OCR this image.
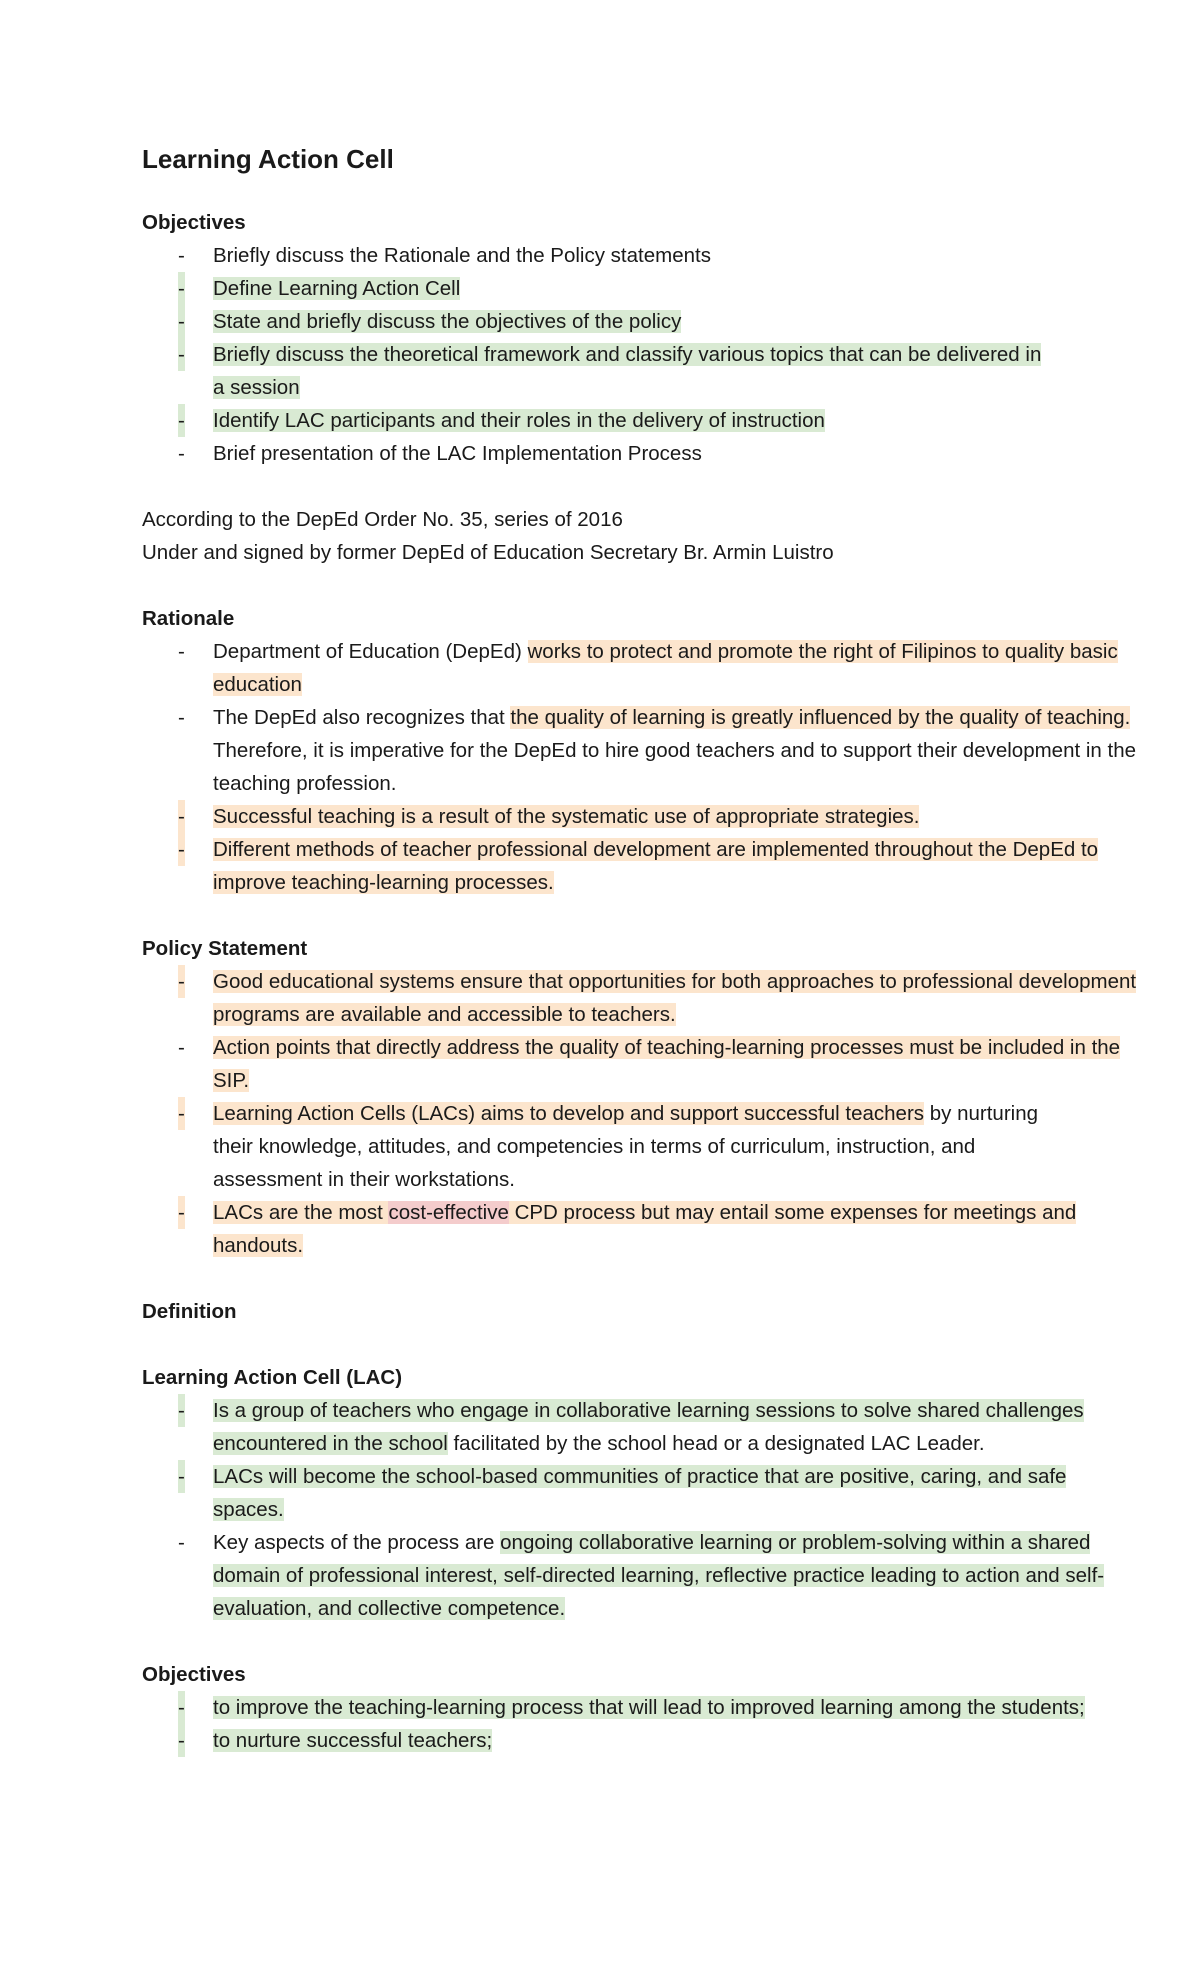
Learning Action Cell

Objectives

- Briefly discuss the Rationale and the Policy statements
- Define Learning Action Cell
- State and briefly discuss the objectives of the policy
- Briefly discuss the theoretical framework and classify various topics that can be delivered in a session
- Identify LAC participants and their roles in the delivery of instruction
- Brief presentation of the LAC Implementation Process

According to the DepEd Order No. 35, series of 2016

Under and signed by former DepEd of Education Secretary Br. Armin Luistro

Rationale

- Department of Education (DepEd) works to protect and promote the right of Filipinos to quality basic education
- The DepEd also recognizes that the quality of learning is greatly influenced by the quality of teaching. Therefore, it is imperative for the DepEd to hire good teachers and to support their development in the teaching profession.
- Successful teaching is a result of the systematic use of appropriate strategies.
- Different methods of teacher professional development are implemented throughout the DepEd to improve teaching-learning processes.

Policy Statement

- Good educational systems ensure that opportunities for both approaches to professional development programs are available and accessible to teachers.
- Action points that directly address the quality of teaching-learning processes must be included in the SIP.
- Learning Action Cells (LACs) aims to develop and support successful teachers by nurturing their knowledge, attitudes, and competencies in terms of curriculum, instruction, and assessment in their workstations.
- LACs are the most cost-effective CPD process but may entail some expenses for meetings and handouts.

Definition

Learning Action Cell (LAC)

- Is a group of teachers who engage in collaborative learning sessions to solve shared challenges encountered in the school facilitated by the school head or a designated LAC Leader.
- LACs will become the school-based communities of practice that are positive, caring, and safe spaces.
- Key aspects of the process are ongoing collaborative learning or problem-solving within a shared domain of professional interest, self-directed learning, reflective practice leading to action and self-evaluation, and collective competence.

Objectives

- to improve the teaching-learning process that will lead to improved learning among the students;
- to nurture successful teachers;
